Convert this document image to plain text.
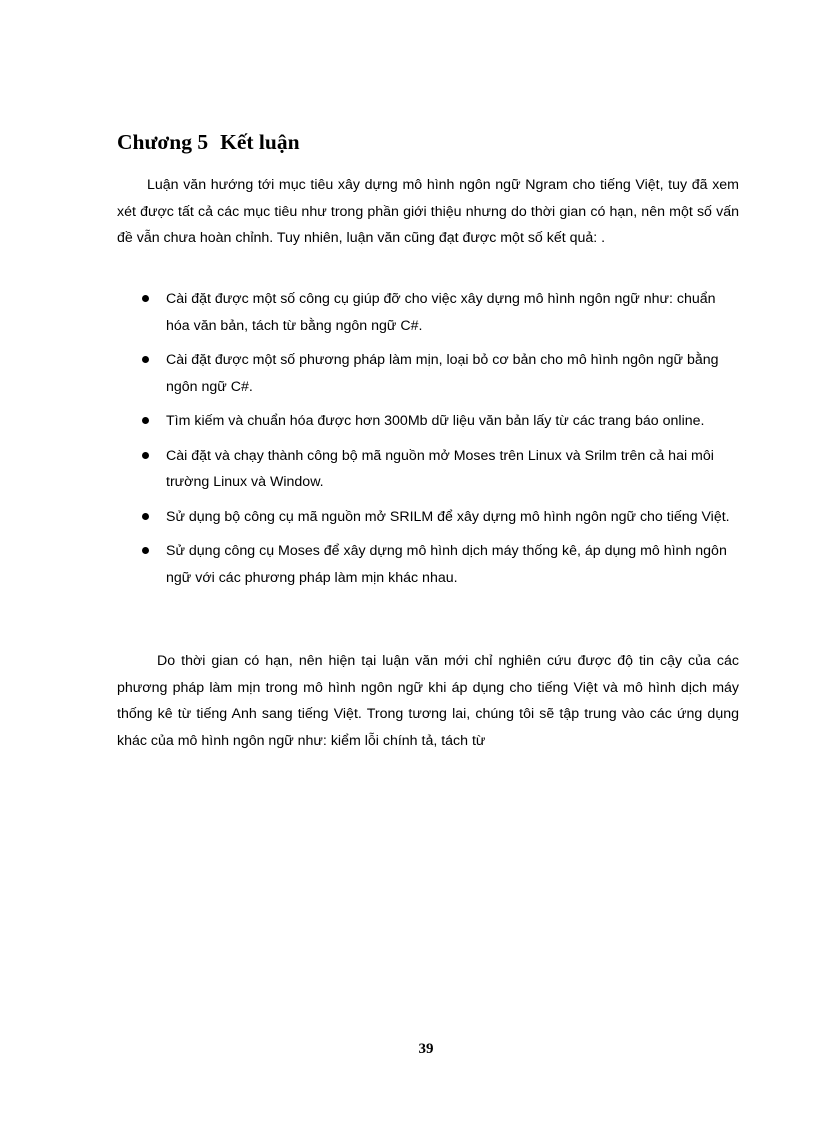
Chương 5 Kết luận

Luận văn hướng tới mục tiêu xây dựng mô hình ngôn ngữ Ngram cho tiếng Việt, tuy đã xem xét được tất cả các mục tiêu như trong phần giới thiệu nhưng do thời gian có hạn, nên một số vấn đề vẫn chưa hoàn chỉnh. Tuy nhiên, luận văn cũng đạt được một số kết quả: .

Cài đặt được một số công cụ giúp đỡ cho việc xây dựng mô hình ngôn ngữ như: chuẩn hóa văn bản, tách từ bằng ngôn ngữ C#.
Cài đặt được một số phương pháp làm mịn, loại bỏ cơ bản cho mô hình ngôn ngữ bằng ngôn ngữ C#.
Tìm kiếm và chuẩn hóa được hơn 300Mb dữ liệu văn bản lấy từ các trang báo online.
Cài đặt và chạy thành công bộ mã nguồn mở Moses trên Linux và Srilm trên cả hai môi trường Linux và Window.
Sử dụng bộ công cụ mã nguồn mở SRILM để xây dựng mô hình ngôn ngữ cho tiếng Việt.
Sử dụng công cụ Moses để xây dựng mô hình dịch máy thống kê, áp dụng mô hình ngôn ngữ với các phương pháp làm mịn khác nhau.

Do thời gian có hạn, nên hiện tại luận văn mới chỉ nghiên cứu được độ tin cậy của các phương pháp làm mịn trong mô hình ngôn ngữ khi áp dụng cho tiếng Việt và mô hình dịch máy thống kê từ tiếng Anh sang tiếng Việt. Trong tương lai, chúng tôi sẽ tập trung vào các ứng dụng khác của mô hình ngôn ngữ như: kiểm lỗi chính tả, tách từ

39
